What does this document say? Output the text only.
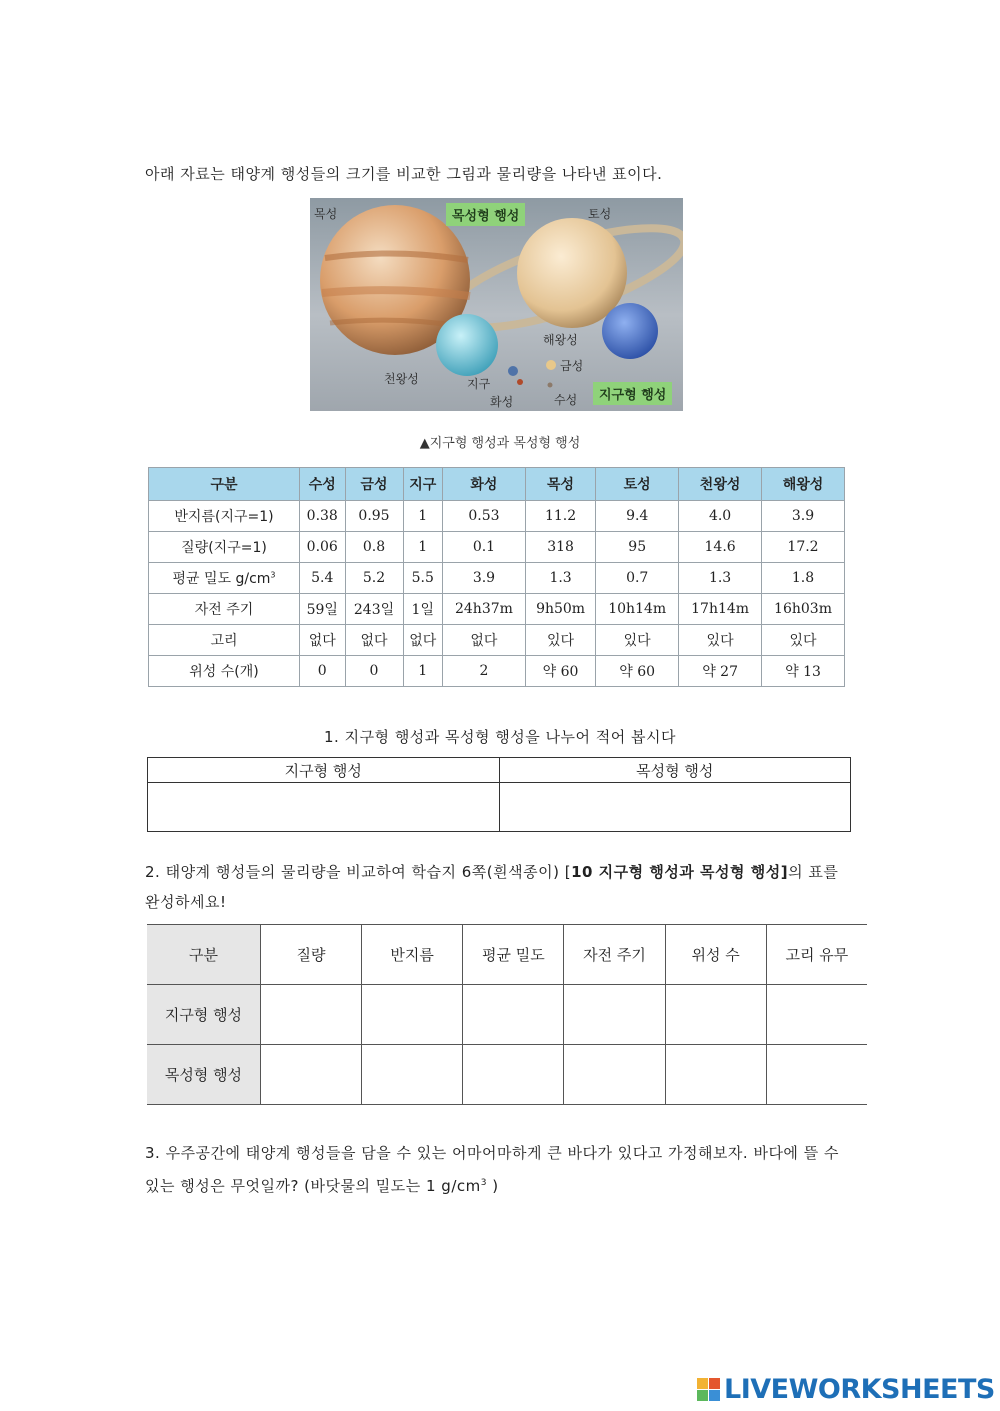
아래 자료는 태양계 행성들의 크기를 비교한 그림과 물리량을 나타낸 표이다.
목성	토성
목성형 행성
해왕성
천왕성
금성
지구
화성	수성	지구형 행성
▲지구형 행성과 목성형 행성
구분	수성	금성	지구	화성	목성	토성	천왕성	해왕성
반지름(지구=1)	0.38	0.95	1	0.53	11.2	9.4	4.0	3.9
질량(지구=1)	0.06	0.8	1	0.1	318	95	14.6	17.2
평균 밀도 $g/cm^3$	5.4	5.2	5.5	3.9	1.3	0.7	1.3	1.8
자전 주기	59일	243일	1일	24h37m	9h50m	10h14m	17h14m	16h03m
고리	없다	없다	없다	없다	있다	있다	있다	있다
위성 수(개)	0	0	1	2	약 60	약 60	약 27	약 13
1. 지구형 행성과 목성형 행성을 나누어 적어 봅시다
지구형 행성	목성형 행성

2. 태양계 행성들의 물리량을 비교하여 학습지 6쪽(흰색종이) [10 지구형 행성과 목성형 행성]의 표를 완성하세요!
구분	질량	반지름	평균 밀도	자전 주기	위성 수	고리 유무
지구형 행성						
목성형 행성						
3. 우주공간에 태양계 행성들을 담을 수 있는 어마어마하게 큰 바다가 있다고 가정해보자. 바다에 뜰 수 있는 행성은 무엇일까? (바닷물의 밀도는 1 $g/cm^3$ )
LIVEWORKSHEETS
